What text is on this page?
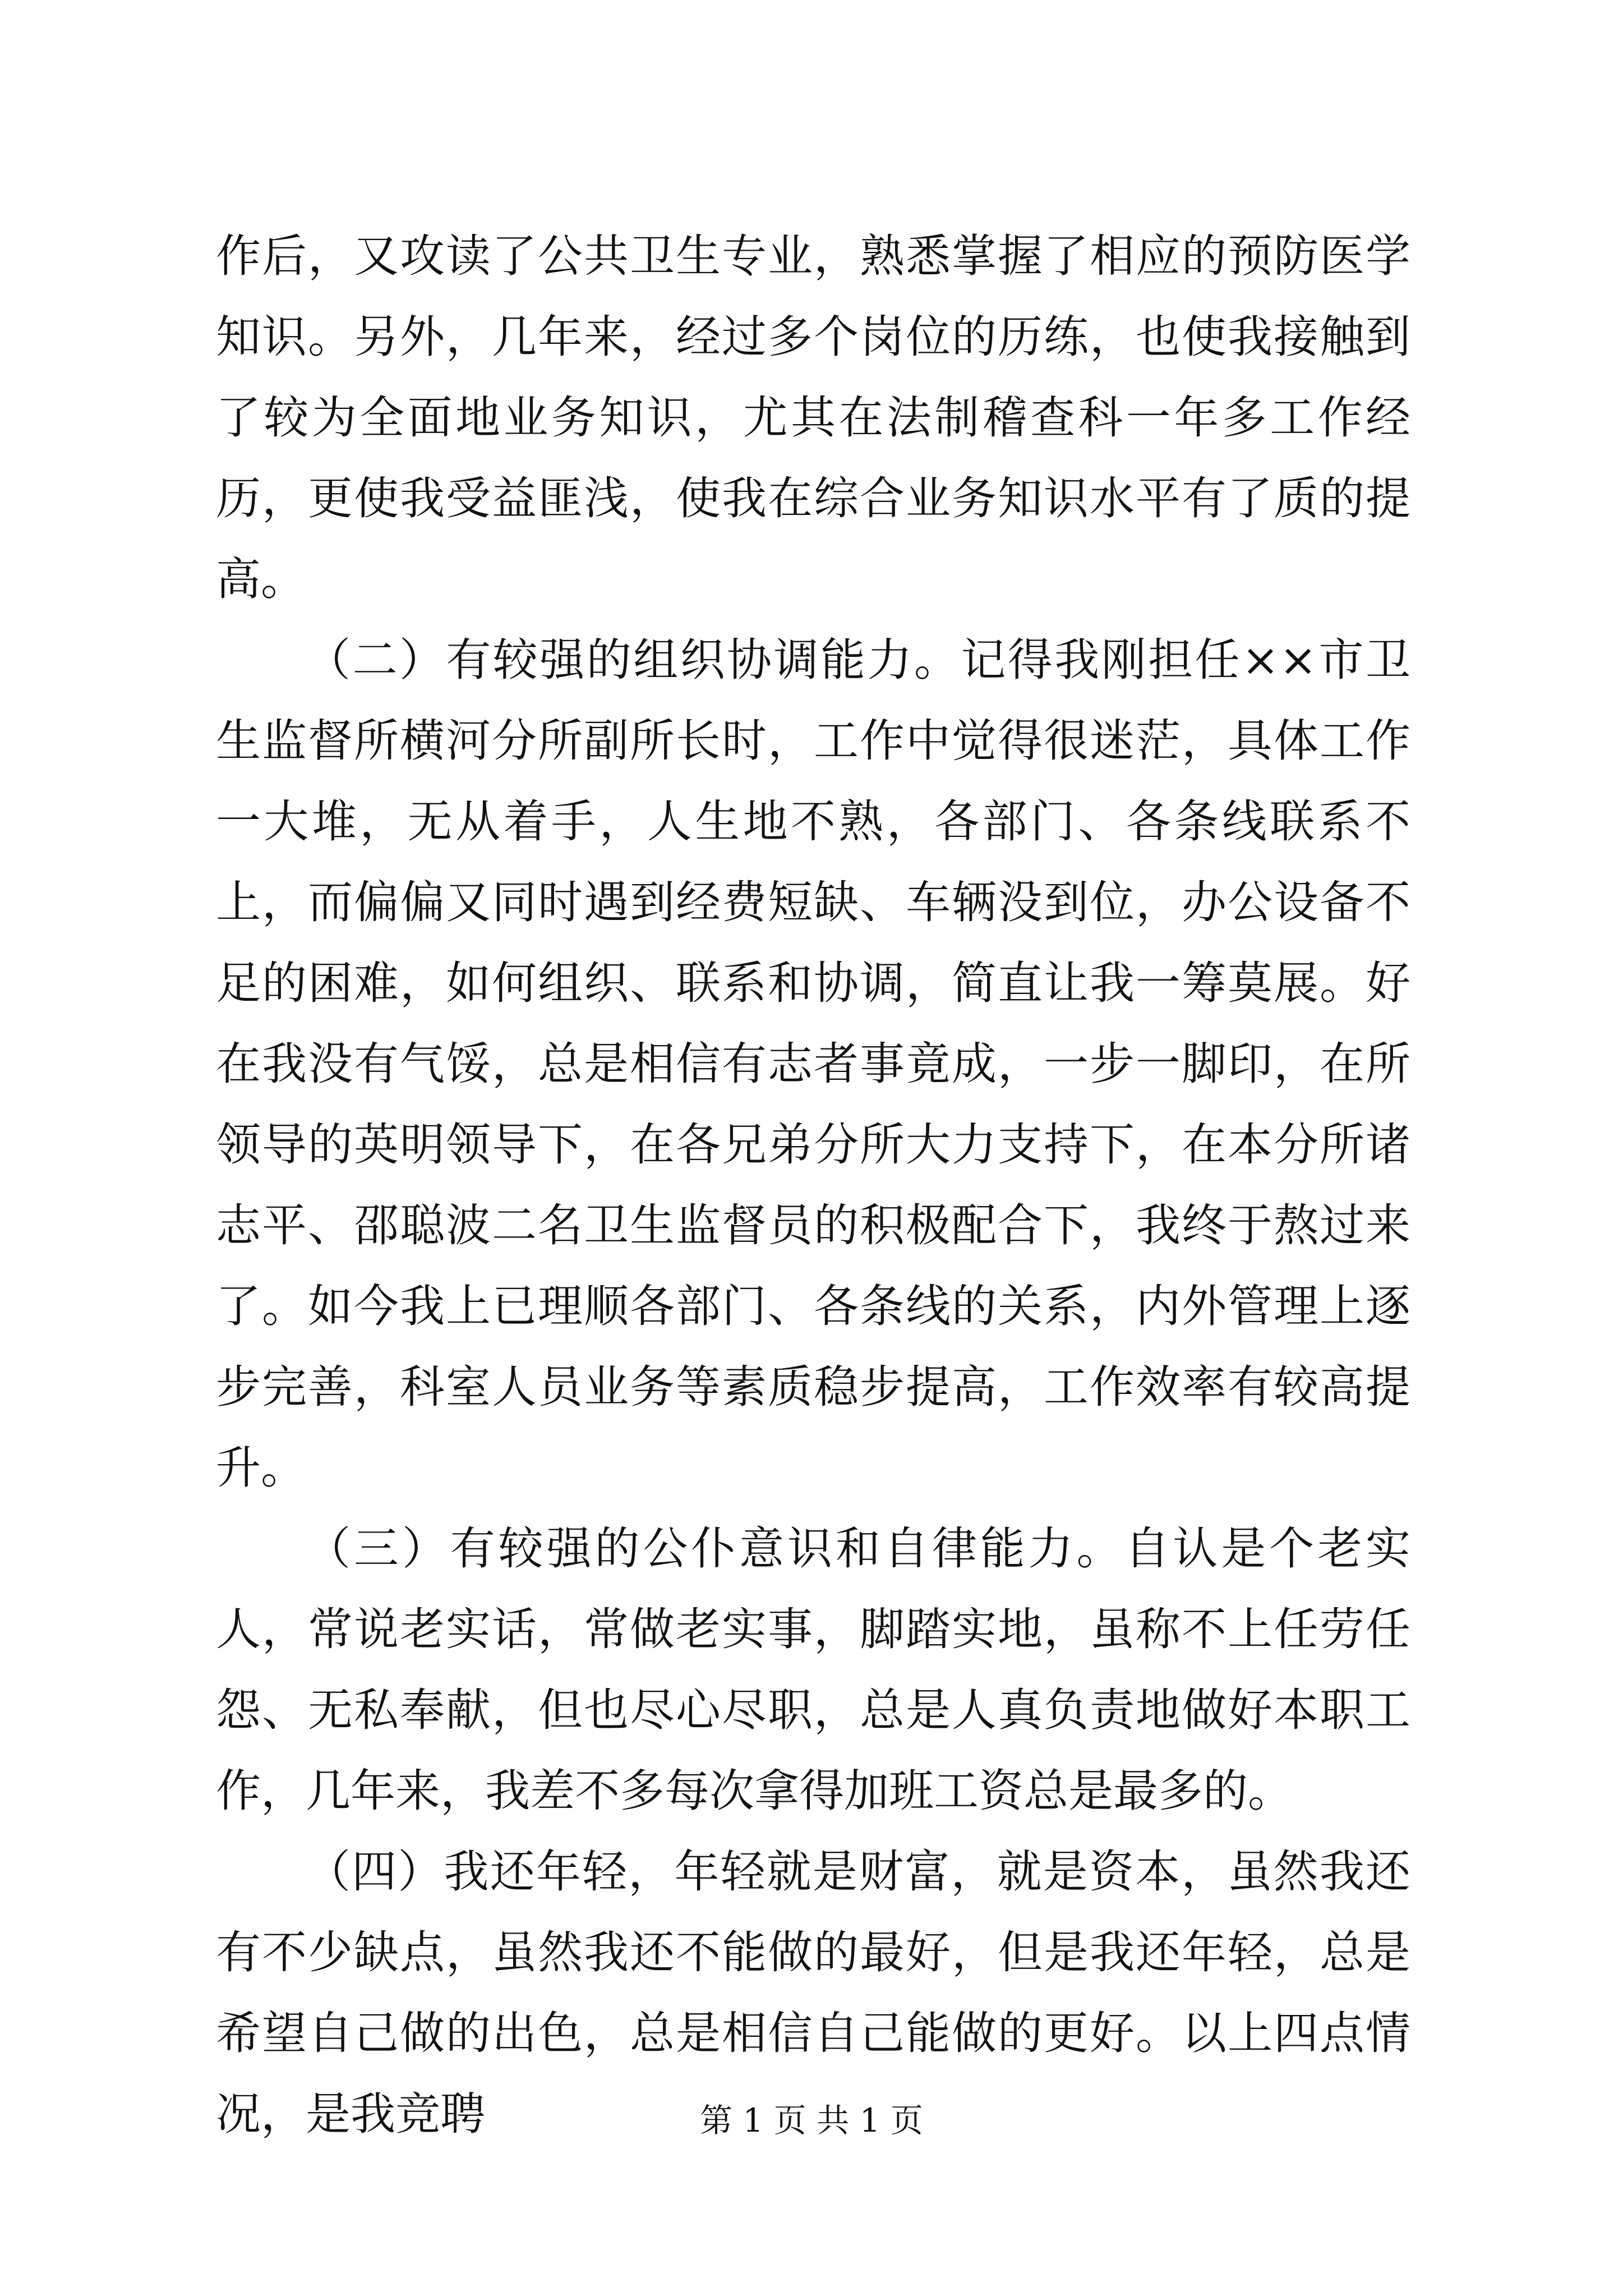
作后，又攻读了公共卫生专业，熟悉掌握了相应的预防医学知识。另外，几年来，经过多个岗位的历练，也使我接触到了较为全面地业务知识，尤其在法制稽查科一年多工作经历，更使我受益匪浅，使我在综合业务知识水平有了质的提高。

（二）有较强的组织协调能力。记得我刚担任××市卫生监督所横河分所副所长时，工作中觉得很迷茫，具体工作一大堆，无从着手，人生地不熟，各部门、各条线联系不上，而偏偏又同时遇到经费短缺、车辆没到位，办公设备不足的困难，如何组织、联系和协调，简直让我一筹莫展。好在我没有气馁，总是相信有志者事竟成，一步一脚印，在所领导的英明领导下，在各兄弟分所大力支持下，在本分所诸志平、邵聪波二名卫生监督员的积极配合下，我终于熬过来了。如今我上已理顺各部门、各条线的关系，内外管理上逐步完善，科室人员业务等素质稳步提高，工作效率有较高提升。

（三）有较强的公仆意识和自律能力。自认是个老实人，常说老实话，常做老实事，脚踏实地，虽称不上任劳任怨、无私奉献，但也尽心尽职，总是人真负责地做好本职工作，几年来，我差不多每次拿得加班工资总是最多的。

（四）我还年轻，年轻就是财富，就是资本，虽然我还有不少缺点，虽然我还不能做的最好，但是我还年轻，总是希望自己做的出色，总是相信自己能做的更好。以上四点情况，是我竞聘	第 1 页 共 1 页
